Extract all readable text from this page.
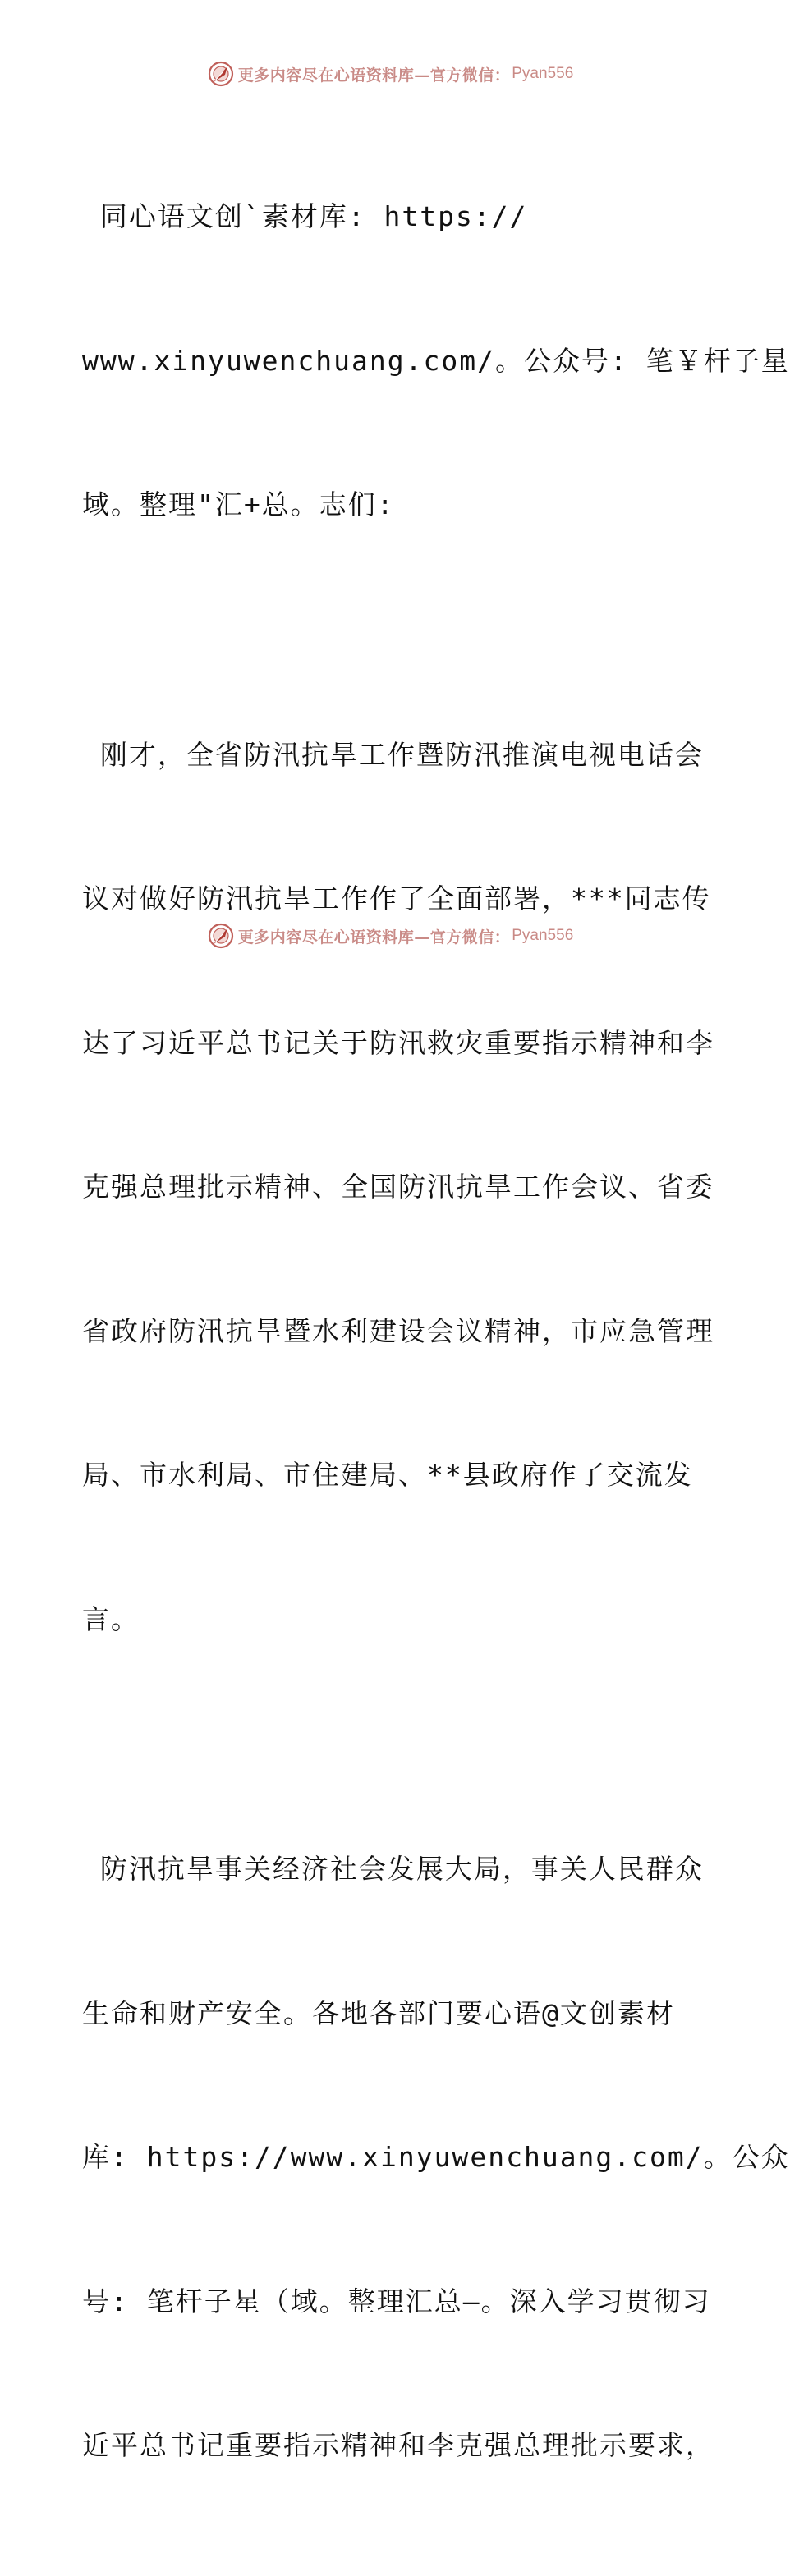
更多内容尽在心语资料库—官方微信： Pyan556

同心语文创`素材库: https://

www.xinyuwenchuang.com/。公众号: 笔￥杆子星

域。整理"汇+总。志们:

刚才，全省防汛抗旱工作暨防汛推演电视电话会

议对做好防汛抗旱工作作了全面部署，***同志传

达了习近平总书记关于防汛救灾重要指示精神和李

克强总理批示精神、全国防汛抗旱工作会议、省委

省政府防汛抗旱暨水利建设会议精神，市应急管理

局、市水利局、市住建局、**县政府作了交流发

言。

防汛抗旱事关经济社会发展大局，事关人民群众

生命和财产安全。各地各部门要心语@文创素材

库: https://www.xinyuwenchuang.com/。公众

号: 笔杆子星（域。整理汇总—。深入学习贯彻习

近平总书记重要指示精神和李克强总理批示要求，

更多内容尽在心语资料库—官方微信： Pyan556
